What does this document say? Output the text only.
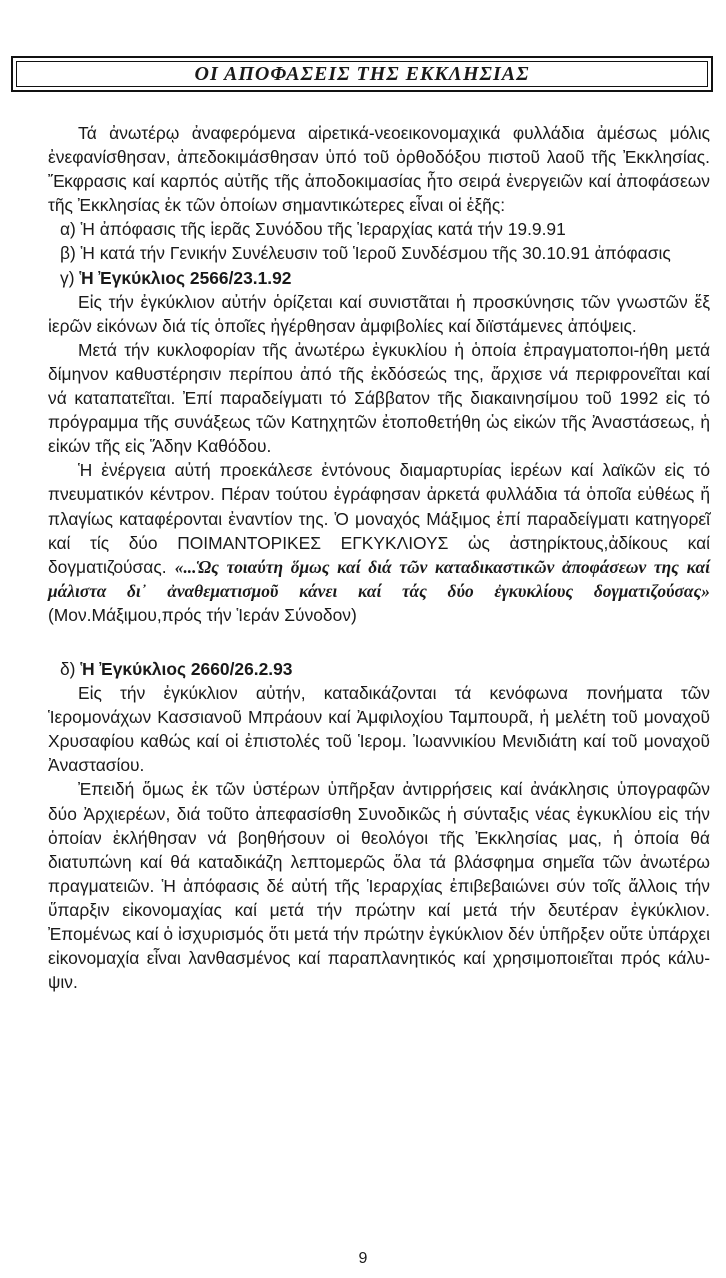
ΟΙ ΑΠΟΦΑΣΕΙΣ ΤΗΣ ΕΚΚΛΗΣΙΑΣ

Τά ἀνωτέρῳ ἀναφερόμενα αἱρετικά-νεοεικονομαχικά φυλλάδια ἀμέσως μόλις ἐνεφανίσθησαν, ἀπεδοκιμάσθησαν ὑπό τοῦ ὀρθοδόξου πιστοῦ λαοῦ τῆς Ἐκκλησίας. Ἔκφρασις καί καρπός αὐτῆς τῆς ἀποδοκιμασίας ἧτο σειρά ἐνεργειῶν καί ἀποφάσεων τῆς Ἐκκλησίας ἐκ τῶν ὁποίων σημαντικώτερες εἶναι οἱ ἑξῆς:

α) Ἡ ἀπόφασις τῆς ἱερᾶς Συνόδου τῆς Ἱεραρχίας κατά τήν 19.9.91

β) Ἡ κατά τήν Γενικήν Συνέλευσιν τοῦ Ἱεροῦ Συνδέσμου τῆς 30.10.91 ἀπόφασις

γ) Ἡ Ἐγκύκλιος 2566/23.1.92

Εἰς τήν ἐγκύκλιον αὐτήν ὁρίζεται καί συνιστᾶται ἡ προσκύνησις τῶν γνωστῶν ἕξ ἱερῶν εἰκόνων διά τίς ὁποῖες ἠγέρθησαν ἀμφιβολίες καί διϊστάμενες ἀπόψεις.

Μετά τήν κυκλοφορίαν τῆς ἀνωτέρω ἐγκυκλίου ἡ ὁποία ἐπραγματοποι-ήθη μετά δίμηνον καθυστέρησιν περίπου ἀπό τῆς ἐκδόσεώς της, ἄρχισε νά περιφρονεῖται καί νά καταπατεῖται. Ἐπί παραδείγματι τό Σάββατον τῆς διακαινησίμου τοῦ 1992 εἰς τό πρόγραμμα τῆς συνάξεως τῶν Κατηχητῶν ἐτοποθετήθη ὡς εἰκών τῆς Ἀναστάσεως, ἡ εἰκών τῆς εἰς Ἅδην Καθόδου.

Ἡ ἐνέργεια αὐτή προεκάλεσε ἐντόνους διαμαρτυρίας ἱερέων καί λαϊκῶν εἰς τό πνευματικόν κέντρον. Πέραν τούτου ἐγράφησαν ἀρκετά φυλλάδια τά ὁποῖα εὐθέως ἤ πλαγίως καταφέρονται ἐναντίον της. Ὁ μοναχός Μάξιμος ἐπί παραδείγματι κατηγορεῖ καί τίς δύο ΠΟΙΜΑΝΤΟΡΙΚΕΣ ΕΓΚΥΚΛΙΟΥΣ ὡς ἀστηρίκτους,ἀδίκους καί δογματιζούσας. «...Ὡς τοιαύτη ὅμως καί διά τῶν καταδικαστικῶν ἀποφάσεων της καί μάλιστα δι᾽ ἀναθεματισμοῦ κάνει καί τάς δύο ἐγκυκλίους δογματιζούσας» (Μον.Μάξιμου,πρός τήν Ἱεράν Σύνοδον)

δ) Ἡ Ἐγκύκλιος 2660/26.2.93

Εἰς τήν ἐγκύκλιον αὐτήν, καταδικάζονται τά κενόφωνα πονήματα τῶν Ἱερομονάχων Κασσιανοῦ Μπράουν καί Ἀμφιλοχίου Ταμπουρᾶ, ἡ μελέτη τοῦ μοναχοῦ Χρυσαφίου καθώς καί οἱ ἐπιστολές τοῦ Ἱερομ. Ἰωαννικίου Μενιδιάτη καί τοῦ μοναχοῦ Ἀναστασίου.

Ἐπειδή ὅμως ἐκ τῶν ὑστέρων ὑπῆρξαν ἀντιρρήσεις καί ἀνάκλησις ὑπογραφῶν δύο Ἀρχιερέων, διά τοῦτο ἀπεφασίσθη Συνοδικῶς ἡ σύνταξις νέας ἐγκυκλίου εἰς τήν ὁποίαν ἐκλήθησαν νά βοηθήσουν οἱ θεολόγοι τῆς Ἐκκλησίας μας, ἡ ὁποία θά διατυπώνη καί θά καταδικάζη λεπτομερῶς ὅλα τά βλάσφημα σημεῖα τῶν ἀνωτέρω πραγματειῶν. Ἡ ἀπόφασις δέ αὐτή τῆς Ἱεραρχίας ἐπιβεβαιώνει σύν τοῖς ἄλλοις τήν ὕπαρξιν εἰκονομαχίας καί μετά τήν πρώτην καί μετά τήν δευτέραν ἐγκύκλιον. Ἐπομένως καί ὁ ἰσχυρισμός ὅτι μετά τήν πρώτην ἐγκύκλιον δέν ὑπῆρξεν οὔτε ὑπάρχει εἰκονομαχία εἶναι λανθασμένος καί παραπλανητικός καί χρησιμοποιεῖται πρός κάλυ-ψιν.

9
